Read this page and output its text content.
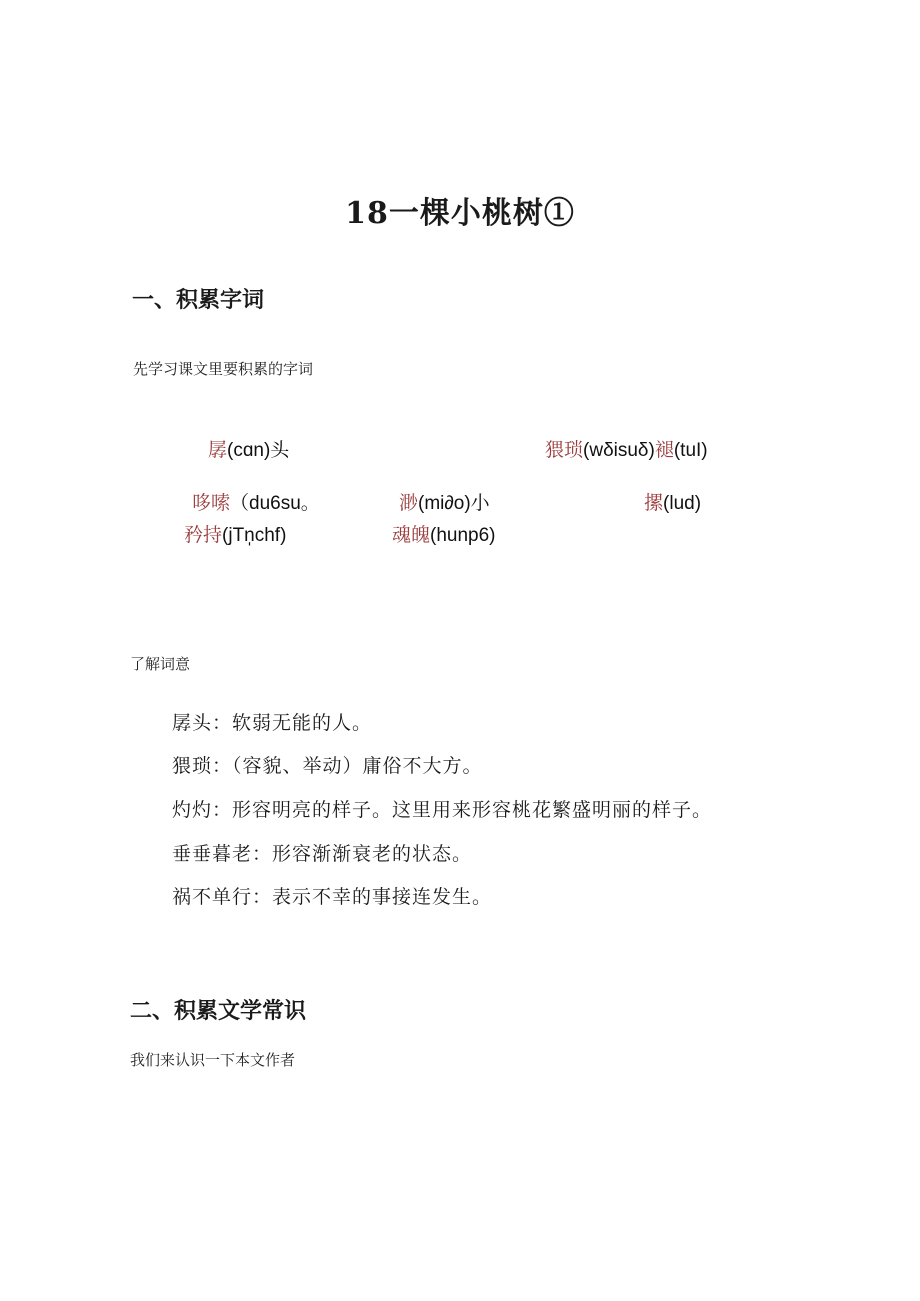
18一棵小桃树①
一、积累字词
先学习课文里要积累的字词
孱(cɑn)头	猥琐(wδisuδ)褪(tuI)
哆嗦（du6su。	渺(mi∂o)小	摞(lud)
矜持(jTn̩chf)	魂魄(hunp6)
了解词意
孱头：软弱无能的人。
猥琐：（容貌、举动）庸俗不大方。
灼灼：形容明亮的样子。这里用来形容桃花繁盛明丽的样子。
垂垂暮老：形容渐渐衰老的状态。
祸不单行：表示不幸的事接连发生。
二、积累文学常识
我们来认识一下本文作者
